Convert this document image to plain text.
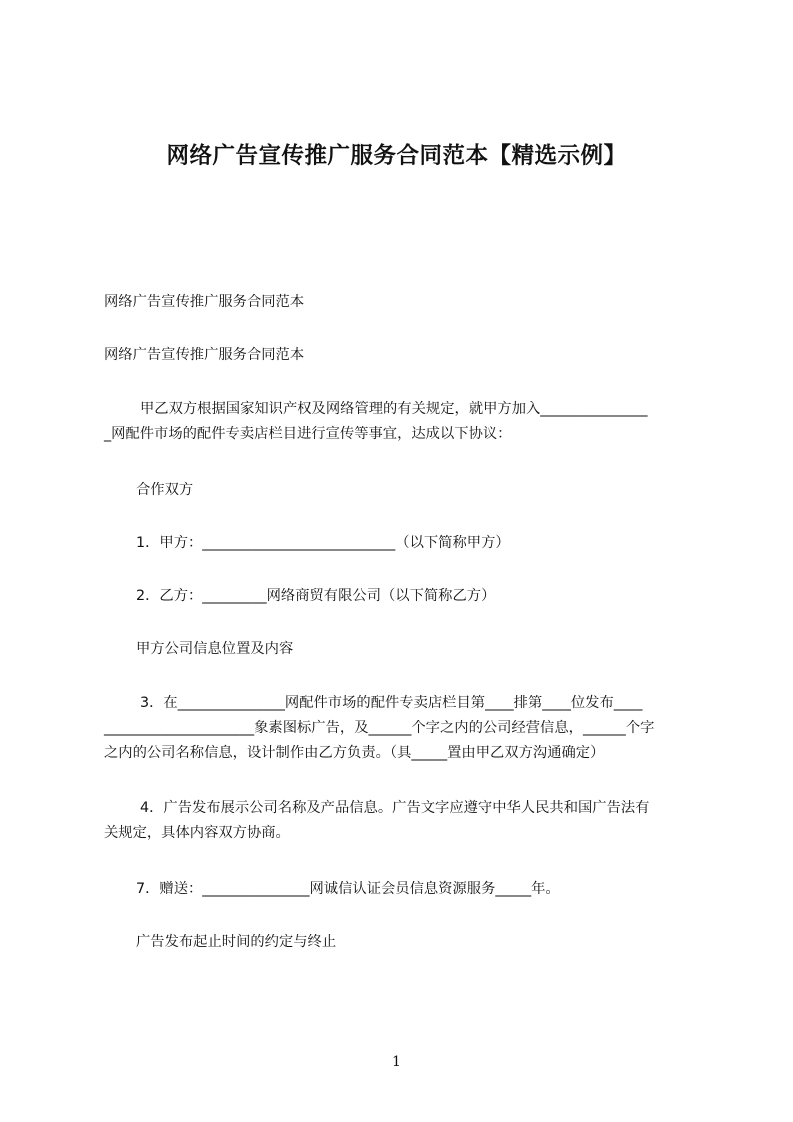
网络广告宣传推广服务合同范本【精选示例】
网络广告宣传推广服务合同范本
网络广告宣传推广服务合同范本
甲乙双方根据国家知识产权及网络管理的有关规定，就甲方加入_______________
_网配件市场的配件专卖店栏目进行宣传等事宜，达成以下协议：
合作双方
1．甲方：___________________________（以下简称甲方）
2．乙方：_________网络商贸有限公司（以下简称乙方）
甲方公司信息位置及内容
3．在_______________网配件市场的配件专卖店栏目第____排第____位发布____
_____________________象素图标广告，及______个字之内的公司经营信息，______个字
之内的公司名称信息，设计制作由乙方负责。（具_____置由甲乙双方沟通确定）
4．广告发布展示公司名称及产品信息。广告文字应遵守中华人民共和国广告法有
关规定，具体内容双方协商。
7．赠送：_______________网诚信认证会员信息资源服务_____年。
广告发布起止时间的约定与终止
1
